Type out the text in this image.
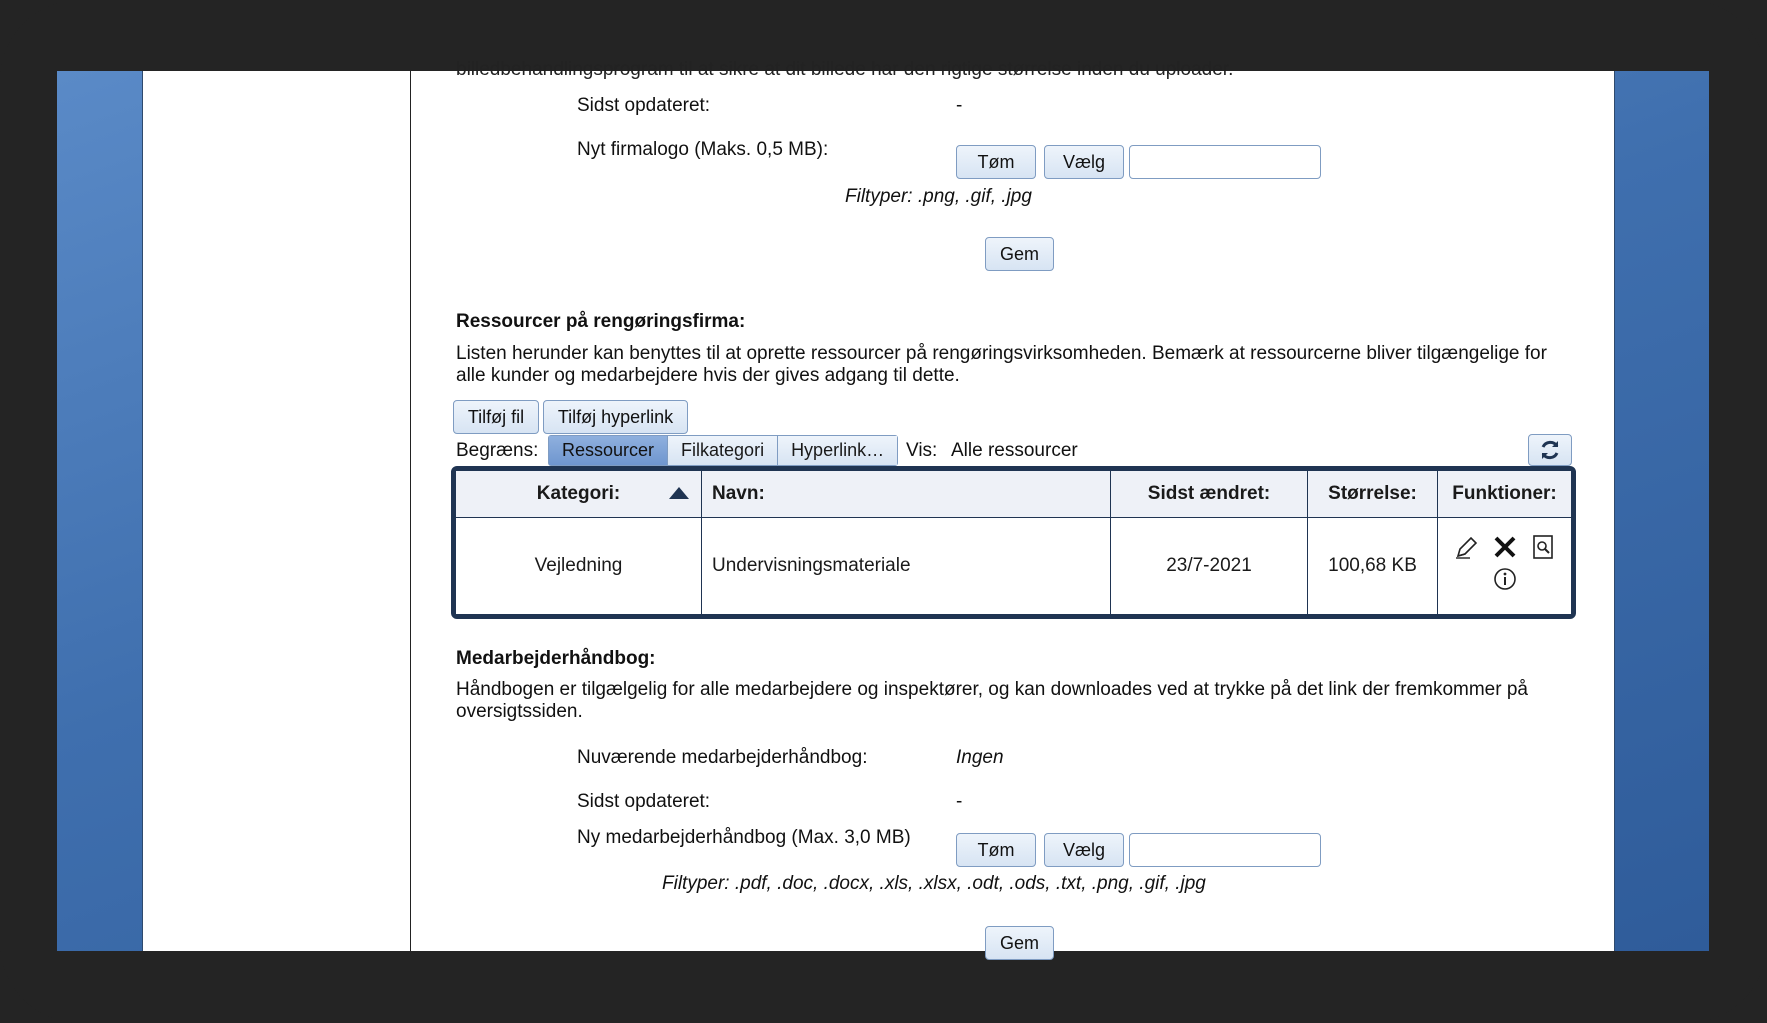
billedbehandlingsprogram til at sikre at dit billede har den rigtige størrelse inden du uploader.
Sidst opdateret:	-
Nyt firmalogo (Maks. 0,5 MB):
Tøm	Vælg
Filtyper: .png, .gif, .jpg
Gem
Ressourcer på rengøringsfirma:
Listen herunder kan benyttes til at oprette ressourcer på rengøringsvirksomheden. Bemærk at ressourcerne bliver tilgængelige for alle kunder og medarbejdere hvis der gives adgang til dette.
Tilføj fil	Tilføj hyperlink
Begræns:	Ressourcer	Filkategori	Hyperlink…	Vis: Alle ressourcer
Kategori:	Navn:	Sidst ændret:	Størrelse:	Funktioner:
Vejledning	Undervisningsmateriale	23/7-2021	100,68 KB	
Medarbejderhåndbog:
Håndbogen er tilgælgelig for alle medarbejdere og inspektører, og kan downloades ved at trykke på det link der fremkommer på oversigtssiden.
Nuværende medarbejderhåndbog:	Ingen
Sidst opdateret:	-
Ny medarbejderhåndbog (Max. 3,0 MB)
Tøm	Vælg
Filtyper: .pdf, .doc, .docx, .xls, .xlsx, .odt, .ods, .txt, .png, .gif, .jpg
Gem
